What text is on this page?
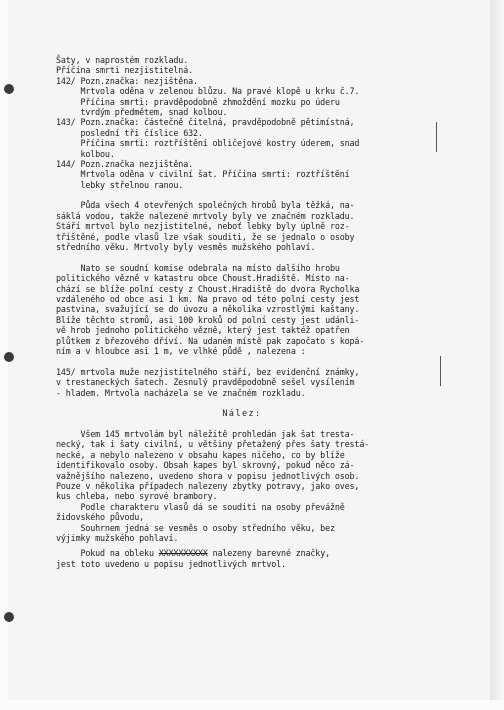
Šaty, v naprostém rozkladu.
Příčina smrti nezjistitelná.
142/ Pozn.značka: nezjištěna.
Mrtvola oděna v zelenou blůzu. Na pravé klopě u krku č.7.
Příčina smrti: pravděpodobně zhmoždění mozku po úderu
tvrdým předmětem, snad kolbou.
143/ Pozn.značka: částečně čitelná, pravděpodobně pětimístná,
poslední tři číslice 632.
Příčina smrti: roztříštění obličejové kostry úderem, snad
kolbou.
144/ Pozn.značka nezjištěna.
Mrtvola oděna v civilní šat. Příčina smrti: roztříštění
lebky střelnou ranou.
Půda všech 4 otevřených společných hrobů byla těžká, na-
sáklá vodou, takže nalezené mrtvoly byly ve značném rozkladu.
Stáří mrtvol bylo nezjistitelné, neboť lebky byly úplně roz-
tříštěné, podle vlasů lze však souditi, že se jednalo o osoby
středního věku. Mrtvoly byly vesměs mužského pohlaví.
Nato se soudní komise odebrala na místo dalšího hrobu
politického vězně v katastru obce Choust.Hradiště. Místo na-
chází se blíže polní cesty z Choust.Hradiště do dvora Rycholka
vzdáleného od obce asi 1 km. Na pravo od této polní cesty jest
pastvina, svažující se do úvozu a několika vzrostlými kaštany.
Blíže těchto stromů, asi 100 kroků od polní cesty jest udánli-
vě hrob jednoho politického vězně, který jest taktéž opatřen
plůtkem z březového dříví. Na udaném místě pak započato s kopá-
ním a v hloubce asi 1 m, ve vlhké půdě , nalezena :
145/ mrtvola muže nezjistitelného stáří, bez evidenční známky,
v trestaneckých šatech. Zesnulý pravděpodobně sešel vysílením
- hladem. Mrtvola nacházela se ve značném rozkladu.
Nález:
Všem 145 mrtvolám byl náležitě prohledán jak šat tresta-
necký, tak i šaty civilní, u většiny přetažený přes šaty trestá-
necké, a nebylo nalezeno v obsahu kapes ničeho, co by blíže
identifikovalo osoby. Obsah kapes byl skrovný, pokud něco zá-
važnějšího nalezeno, uvedeno shora v popisu jednotlivých osob.
Pouze v několika případech nalezeny zbytky potravy, jako oves,
kus chleba, nebo syrové brambory.
Podle charakteru vlasů dá se souditi na osoby převážně
židovského původu,
Souhrnem jedná se vesměs o osoby středního věku, bez
výjimky mužského pohlaví.
Pokud na obleku XXXXXXXXXX nalezeny barevné značky,
jest toto uvedeno u popisu jednotlivých mrtvol.
